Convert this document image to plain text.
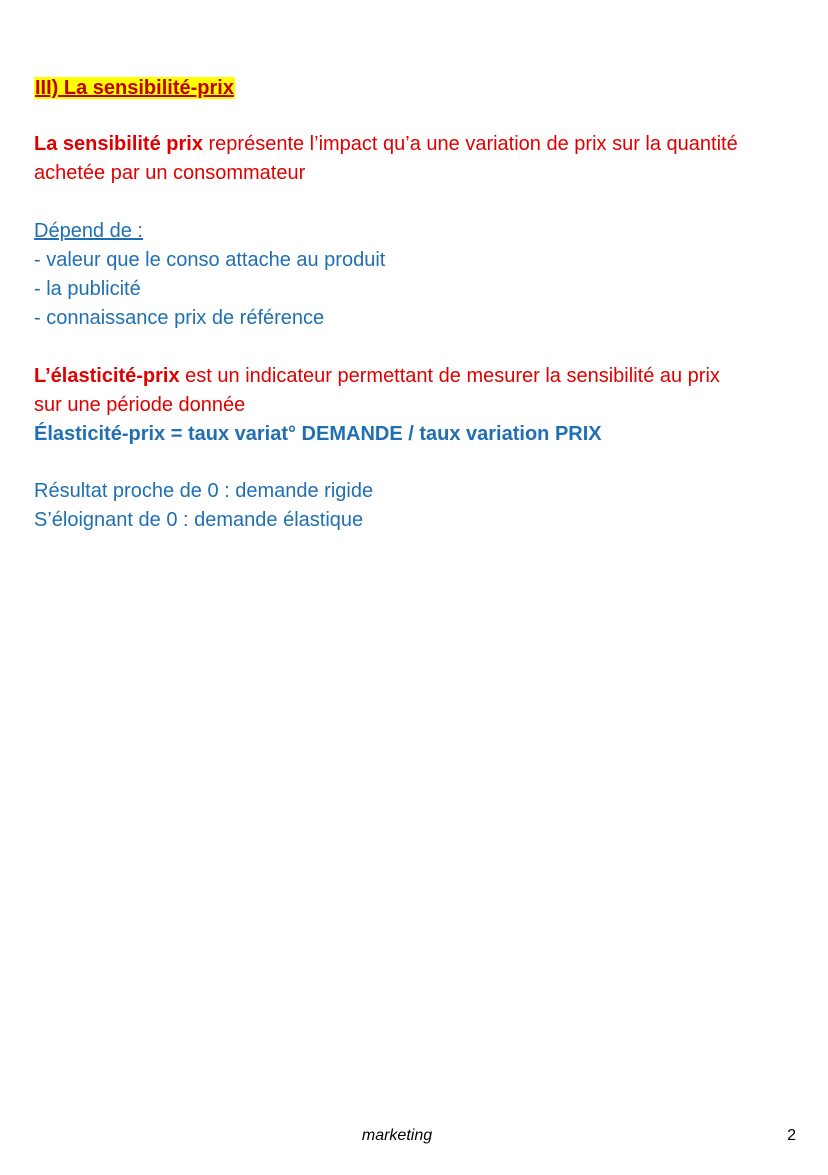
III) La sensibilité-prix
La sensibilité prix représente l’impact qu’a une variation de prix sur la quantité
achetée par un consommateur
Dépend de :
- valeur que le conso attache au produit
- la publicité
- connaissance prix de référence
L’élasticité-prix est un indicateur permettant de mesurer la sensibilité au prix
sur une période donnée
Élasticité-prix = taux variat° DEMANDE / taux variation PRIX
Résultat proche de 0 : demande rigide
S’éloignant de 0 : demande élastique
marketing	2
